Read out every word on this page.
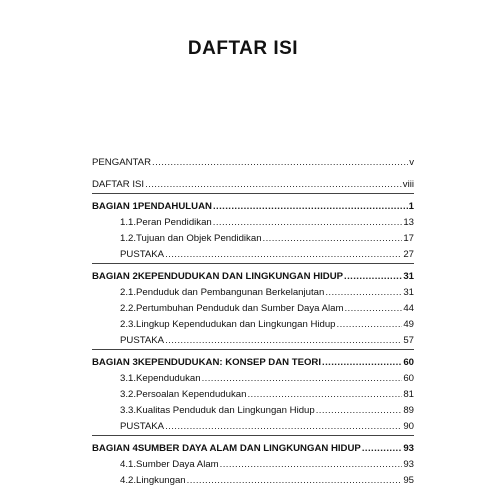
DAFTAR ISI
PENGANTAR .....	v
DAFTAR ISI .....	viii
BAGIAN 1 PENDAHULUAN .....	1
1.1. Peran Pendidikan .....	13
1.2. Tujuan dan Objek Pendidikan .....	17
PUSTAKA .....	27
BAGIAN 2 KEPENDUDUKAN DAN LINGKUNGAN HIDUP .....	31
2.1. Penduduk dan Pembangunan Berkelanjutan .....	31
2.2. Pertumbuhan Penduduk dan Sumber Daya Alam .....	44
2.3. Lingkup Kependudukan dan Lingkungan Hidup .....	49
PUSTAKA .....	57
BAGIAN 3 KEPENDUDUKAN: KONSEP DAN TEORI .....	60
3.1. Kependudukan .....	60
3.2. Persoalan Kependudukan .....	81
3.3. Kualitas Penduduk dan Lingkungan Hidup .....	89
PUSTAKA .....	90
BAGIAN 4 SUMBER DAYA ALAM DAN LINGKUNGAN HIDUP .....	93
4.1. Sumber Daya Alam .....	93
4.2. Lingkungan .....	95
